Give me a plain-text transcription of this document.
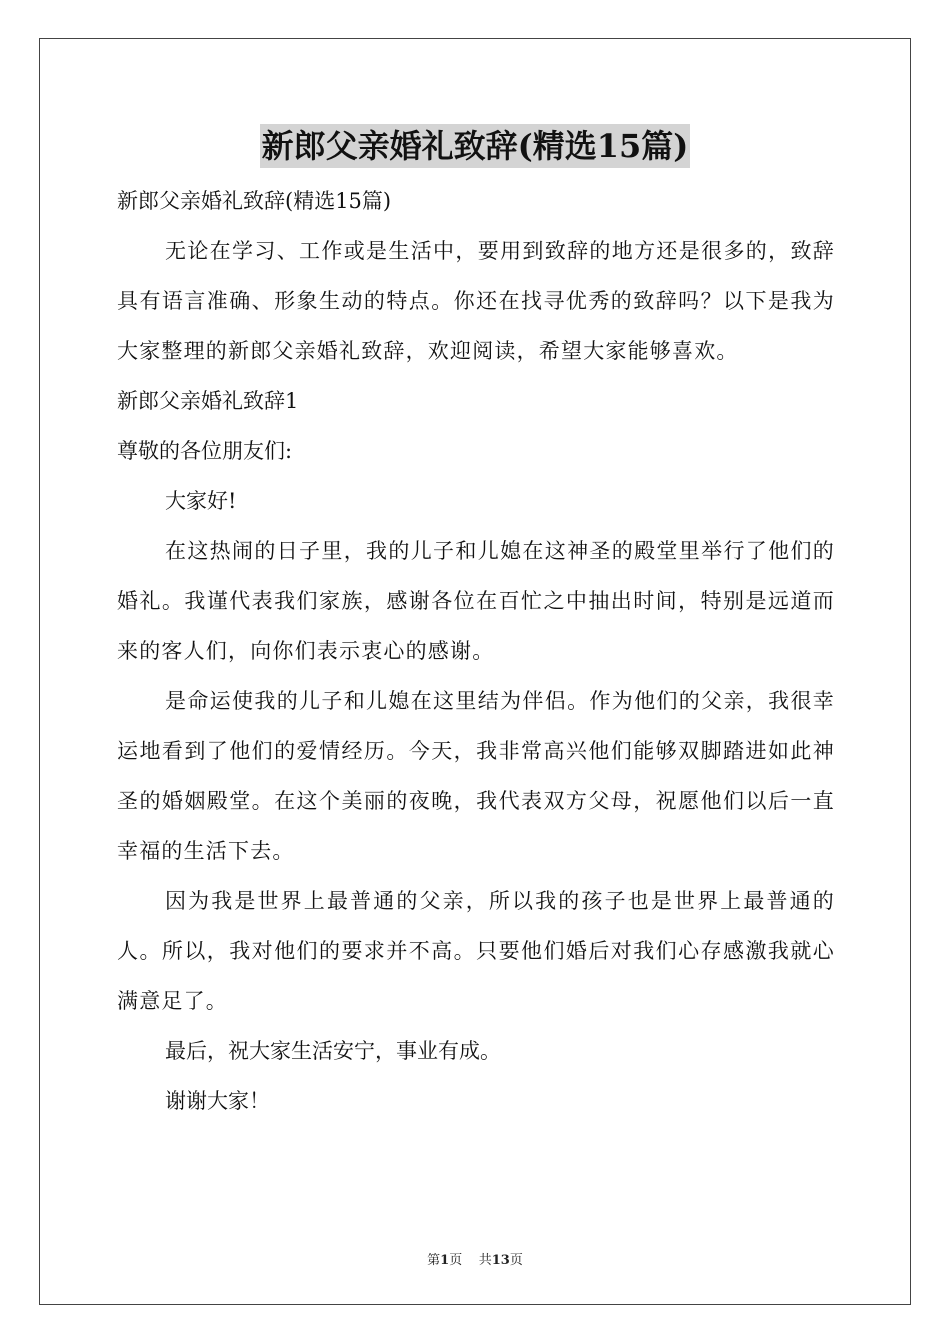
新郎父亲婚礼致辞(精选15篇)
新郎父亲婚礼致辞(精选15篇)
无论在学习、工作或是生活中，要用到致辞的地方还是很多的，致辞具有语言准确、形象生动的特点。你还在找寻优秀的致辞吗？以下是我为大家整理的新郎父亲婚礼致辞，欢迎阅读，希望大家能够喜欢。
新郎父亲婚礼致辞1
尊敬的各位朋友们:
大家好!
在这热闹的日子里，我的儿子和儿媳在这神圣的殿堂里举行了他们的婚礼。我谨代表我们家族，感谢各位在百忙之中抽出时间，特别是远道而来的客人们，向你们表示衷心的感谢。
是命运使我的儿子和儿媳在这里结为伴侣。作为他们的父亲，我很幸运地看到了他们的爱情经历。今天，我非常高兴他们能够双脚踏进如此神圣的婚姻殿堂。在这个美丽的夜晚，我代表双方父母，祝愿他们以后一直幸福的生活下去。
因为我是世界上最普通的父亲，所以我的孩子也是世界上最普通的人。所以，我对他们的要求并不高。只要他们婚后对我们心存感激我就心满意足了。
最后，祝大家生活安宁，事业有成。
谢谢大家！
第1页 共13页
